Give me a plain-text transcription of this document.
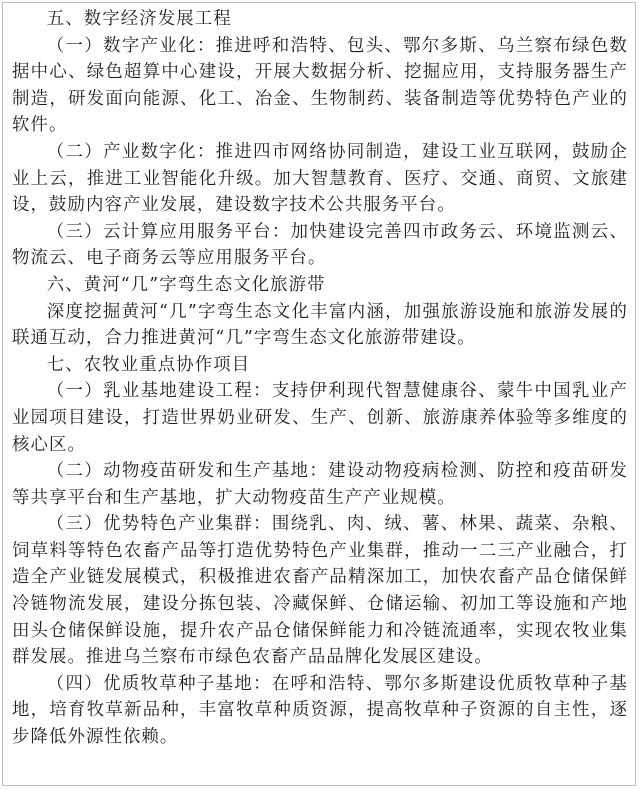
五、数字经济发展工程

（一）数字产业化：推进呼和浩特、包头、鄂尔多斯、乌兰察布绿色数据中心、绿色超算中心建设，开展大数据分析、挖掘应用，支持服务器生产制造，研发面向能源、化工、冶金、生物制药、装备制造等优势特色产业的软件。

（二）产业数字化：推进四市网络协同制造，建设工业互联网，鼓励企业上云，推进工业智能化升级。加大智慧教育、医疗、交通、商贸、文旅建设，鼓励内容产业发展，建设数字技术公共服务平台。

（三）云计算应用服务平台：加快建设完善四市政务云、环境监测云、物流云、电子商务云等应用服务平台。

六、黄河“几”字弯生态文化旅游带

深度挖掘黄河“几”字弯生态文化丰富内涵，加强旅游设施和旅游发展的联通互动，合力推进黄河“几”字弯生态文化旅游带建设。

七、农牧业重点协作项目

（一）乳业基地建设工程：支持伊利现代智慧健康谷、蒙牛中国乳业产业园项目建设，打造世界奶业研发、生产、创新、旅游康养体验等多维度的核心区。

（二）动物疫苗研发和生产基地：建设动物疫病检测、防控和疫苗研发等共享平台和生产基地，扩大动物疫苗生产产业规模。

（三）优势特色产业集群：围绕乳、肉、绒、薯、林果、蔬菜、杂粮、饲草料等特色农畜产品等打造优势特色产业集群，推动一二三产业融合，打造全产业链发展模式，积极推进农畜产品精深加工，加快农畜产品仓储保鲜冷链物流发展，建设分拣包装、冷藏保鲜、仓储运输、初加工等设施和产地田头仓储保鲜设施，提升农产品仓储保鲜能力和冷链流通率，实现农牧业集群发展。推进乌兰察布市绿色农畜产品品牌化发展区建设。

（四）优质牧草种子基地：在呼和浩特、鄂尔多斯建设优质牧草种子基地，培育牧草新品种，丰富牧草种质资源，提高牧草种子资源的自主性，逐步降低外源性依赖。
